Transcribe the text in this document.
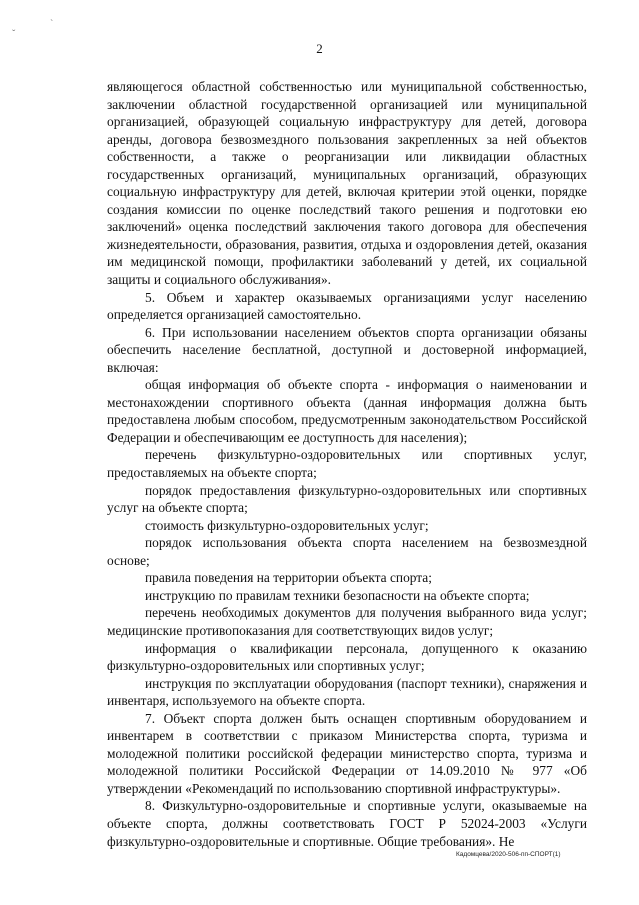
ˇ
ˋ
2

являющегося областной собственностью или муниципальной собственностью, заключении областной государственной организацией или муниципальной организацией, образующей социальную инфраструктуру для детей, договора аренды, договора безвозмездного пользования закрепленных за ней объектов собственности, а также о реорганизации или ликвидации областных государственных организаций, муниципальных организаций, образующих социальную инфраструктуру для детей, включая критерии этой оценки, порядке создания комиссии по оценке последствий такого решения и подготовки ею заключений» оценка последствий заключения такого договора для обеспечения жизнедеятельности, образования, развития, отдыха и оздоровления детей, оказания им медицинской помощи, профилактики заболеваний у детей, их социальной защиты и социального обслуживания».

5. Объем и характер оказываемых организациями услуг населению определяется организацией самостоятельно.

6. При использовании населением объектов спорта организации обязаны обеспечить население бесплатной, доступной и достоверной информацией, включая:

общая информация об объекте спорта - информация о наименовании и местонахождении спортивного объекта (данная информация должна быть предоставлена любым способом, предусмотренным законодательством Российской Федерации и обеспечивающим ее доступность для населения);

перечень физкультурно-оздоровительных или спортивных услуг, предоставляемых на объекте спорта;

порядок предоставления физкультурно-оздоровительных или спортивных услуг на объекте спорта;

стоимость физкультурно-оздоровительных услуг;

порядок использования объекта спорта населением на безвозмездной основе;

правила поведения на территории объекта спорта;

инструкцию по правилам техники безопасности на объекте спорта;

перечень необходимых документов для получения выбранного вида услуг; медицинские противопоказания для соответствующих видов услуг;

информация о квалификации персонала, допущенного к оказанию физкультурно-оздоровительных или спортивных услуг;

инструкция по эксплуатации оборудования (паспорт техники), снаряжения и инвентаря, используемого на объекте спорта.

7. Объект спорта должен быть оснащен спортивным оборудованием и инвентарем в соответствии с приказом Министерства спорта, туризма и молодежной политики российской федерации министерство спорта, туризма и молодежной политики Российской Федерации от 14.09.2010 № 977 «Об утверждении «Рекомендаций по использованию спортивной инфраструктуры».

8. Физкультурно-оздоровительные и спортивные услуги, оказываемые на объекте спорта, должны соответствовать ГОСТ Р 52024-2003 «Услуги физкультурно-оздоровительные и спортивные. Общие требования». Не

Кадомцева/2020-506-пп-СПОРТ(1)
